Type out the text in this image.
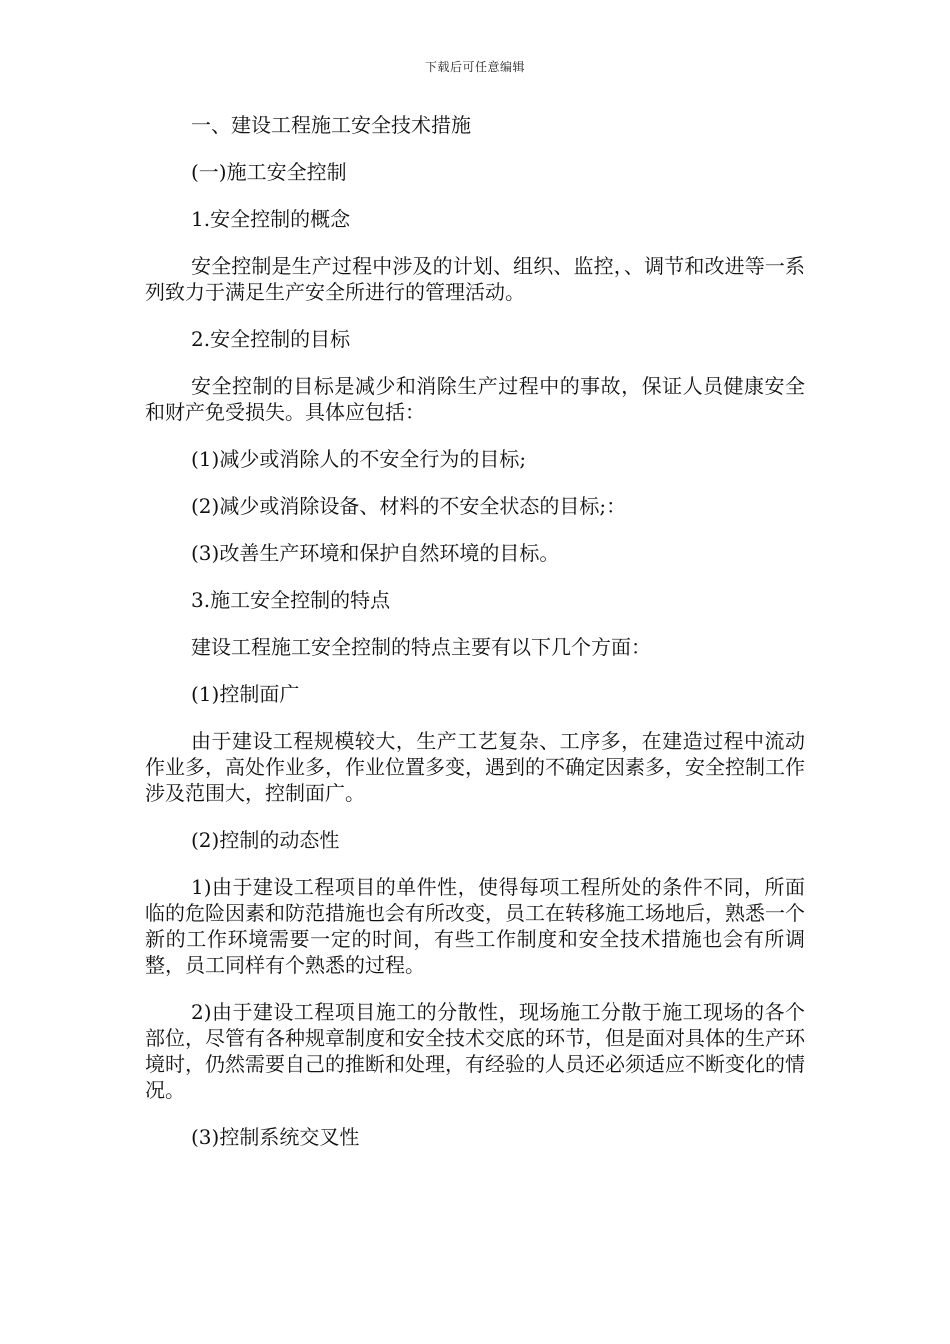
下载后可任意编辑

一、建设工程施工安全技术措施

(一)施工安全控制

1.安全控制的概念

安全控制是生产过程中涉及的计划、组织、监控，、调节和改进等一系列致力于满足生产安全所进行的管理活动。

2.安全控制的目标

安全控制的目标是减少和消除生产过程中的事故，保证人员健康安全和财产免受损失。具体应包括：

(1)减少或消除人的不安全行为的目标;

(2)减少或消除设备、材料的不安全状态的目标;：

(3)改善生产环境和保护自然环境的目标。

3.施工安全控制的特点

建设工程施工安全控制的特点主要有以下几个方面：

(1)控制面广

由于建设工程规模较大，生产工艺复杂、工序多，在建造过程中流动作业多，高处作业多，作业位置多变，遇到的不确定因素多，安全控制工作涉及范围大，控制面广。

(2)控制的动态性

1)由于建设工程项目的单件性，使得每项工程所处的条件不同，所面临的危险因素和防范措施也会有所改变，员工在转移施工场地后，熟悉一个新的工作环境需要一定的时间，有些工作制度和安全技术措施也会有所调整，员工同样有个熟悉的过程。

2)由于建设工程项目施工的分散性，现场施工分散于施工现场的各个部位，尽管有各种规章制度和安全技术交底的环节，但是面对具体的生产环境时，仍然需要自己的推断和处理，有经验的人员还必须适应不断变化的情况。

(3)控制系统交叉性
